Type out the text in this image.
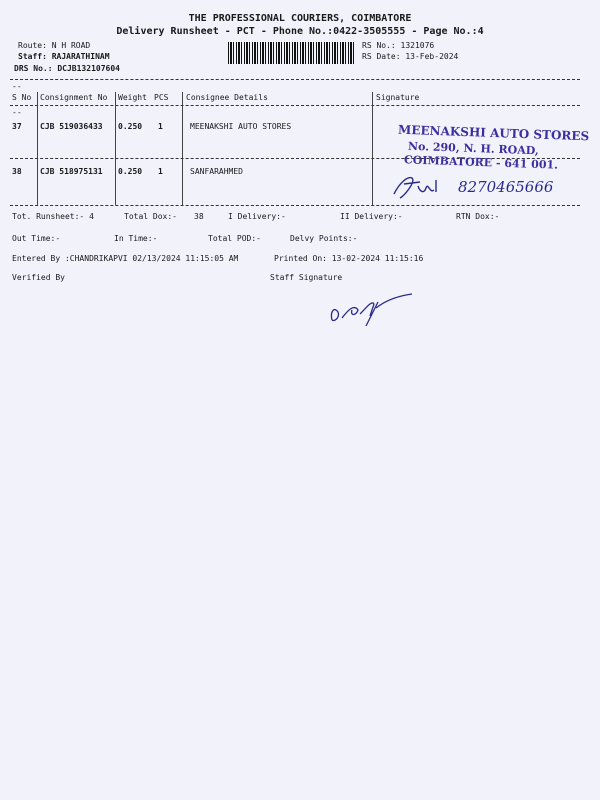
THE PROFESSIONAL COURIERS, COIMBATORE
Delivery Runsheet - PCT - Phone No.:0422-3505555 - Page No.:4
Route: N H ROAD
Staff: RAJARATHINAM
DRS No.: DCJB132107604
RS No.: 1321076
RS Date: 13-Feb-2024
--
S No Consignment No Weight PCS Consignee Details	Signature
--
37 CJB 519036433 0.250 1	MEENAKSHI AUTO STORES
38 CJB 518975131 0.250 1	SANFARAHMED
MEENAKSHI AUTO STORES
No. 290, N. H. ROAD,
COIMBATORE - 641 001.
8270465666
Tot. Runsheet:- 4	Total Dox:- 38	I Delivery:-	II Delivery:-	RTN Dox:-
Out Time:-	In Time:-	Total POD:-	Delvy Points:-
Entered By :CHANDRIKAPVI 02/13/2024 11:15:05 AM	Printed On: 13-02-2024 11:15:16
Verified By	Staff Signature
